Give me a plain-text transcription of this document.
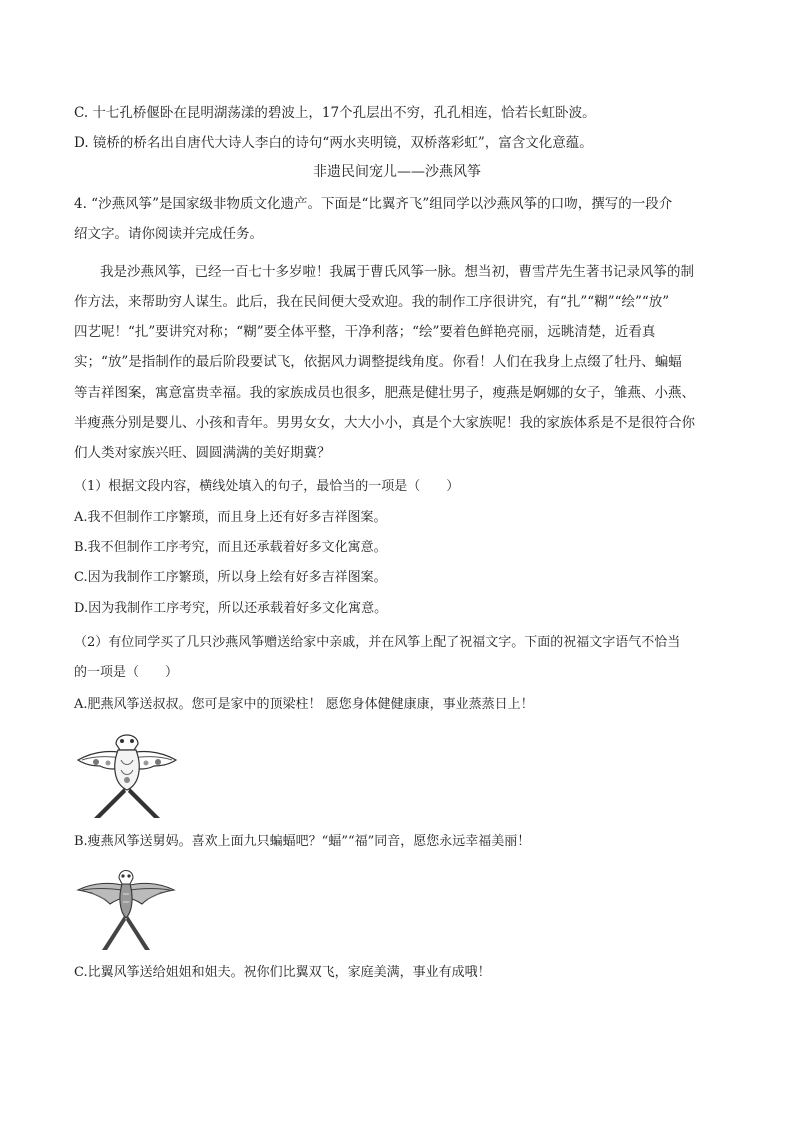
C. 十七孔桥偃卧在昆明湖荡漾的碧波上，17个孔层出不穷，孔孔相连，恰若长虹卧波。
D. 镜桥的桥名出自唐代大诗人李白的诗句“两水夹明镜，双桥落彩虹”，富含文化意蕴。
非遗民间宠儿——沙燕风筝
4. “沙燕风筝”是国家级非物质文化遗产。下面是“比翼齐飞”组同学以沙燕风筝的口吻，撰写的一段介
绍文字。请你阅读并完成任务。
我是沙燕风筝，已经一百七十多岁啦！我属于曹氏风筝一脉。想当初，曹雪芹先生著书记录风筝的制
作方法，来帮助穷人谋生。此后，我在民间便大受欢迎。我的制作工序很讲究，有“扎”“糊”“绘”“放”
四艺呢！“扎”要讲究对称；“糊”要全体平整，干净利落；“绘”要着色鲜艳亮丽，远眺清楚，近看真
实；“放”是指制作的最后阶段要试飞，依据风力调整提线角度。你看！人们在我身上点缀了牡丹、蝙蝠
等吉祥图案，寓意富贵幸福。我的家族成员也很多，肥燕是健壮男子，瘦燕是婀娜的女子，雏燕、小燕、
半瘦燕分别是婴儿、小孩和青年。男男女女，大大小小，真是个大家族呢！我的家族体系是不是很符合你
们人类对家族兴旺、圆圆满满的美好期冀？
（1）根据文段内容，横线处填入的句子，最恰当的一项是（　　）
A.我不但制作工序繁琐，而且身上还有好多吉祥图案。
B.我不但制作工序考究，而且还承载着好多文化寓意。
C.因为我制作工序繁琐，所以身上绘有好多吉祥图案。
D.因为我制作工序考究，所以还承载着好多文化寓意。
（2）有位同学买了几只沙燕风筝赠送给家中亲戚，并在风筝上配了祝福文字。下面的祝福文字语气不恰当
的一项是（　　）
A.肥燕风筝送叔叔。您可是家中的顶梁柱！ 愿您身体健健康康，事业蒸蒸日上！
B.瘦燕风筝送舅妈。喜欢上面九只蝙蝠吧？“蝠”“福”同音，愿您永远幸福美丽！
C.比翼风筝送给姐姐和姐夫。祝你们比翼双飞，家庭美满，事业有成哦！
